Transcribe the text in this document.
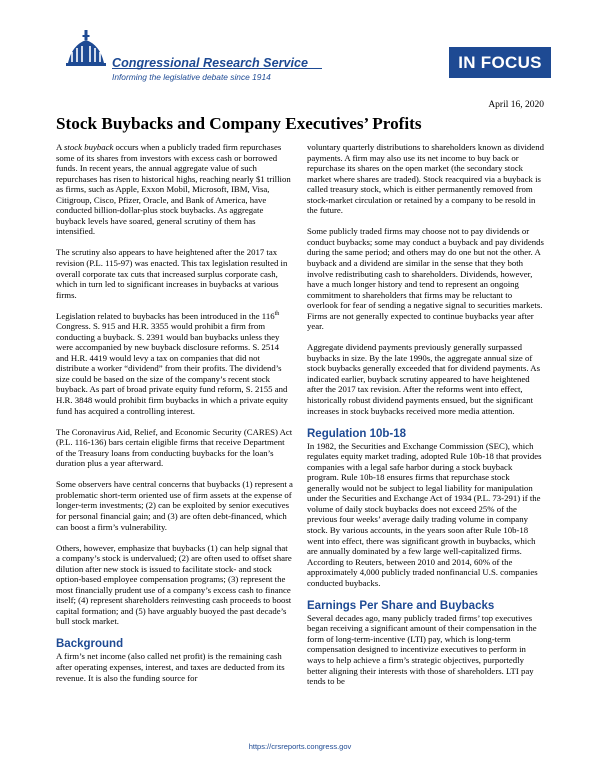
Congressional Research Service
Informing the legislative debate since 1914
IN FOCUS
April 16, 2020
Stock Buybacks and Company Executives’ Profits

A stock buyback occurs when a publicly traded firm repurchases some of its shares from investors with excess cash or borrowed funds. In recent years, the annual aggregate value of such repurchases has risen to historical highs, reaching nearly $1 trillion as firms, such as Apple, Exxon Mobil, Microsoft, IBM, Visa, Citigroup, Cisco, Pfizer, Oracle, and Bank of America, have conducted billion-dollar-plus stock buybacks. As aggregate buyback levels have soared, general scrutiny of them has intensified.

The scrutiny also appears to have heightened after the 2017 tax revision (P.L. 115-97) was enacted. This tax legislation resulted in overall corporate tax cuts that increased surplus corporate cash, which in turn led to significant increases in buybacks at various firms.

Legislation related to buybacks has been introduced in the 116th Congress. S. 915 and H.R. 3355 would prohibit a firm from conducting a buyback. S. 2391 would ban buybacks unless they were accompanied by new buyback disclosure reforms. S. 2514 and H.R. 4419 would levy a tax on companies that did not distribute a worker “dividend” from their profits. The dividend’s size could be based on the size of the company’s recent stock buyback. As part of broad private equity fund reform, S. 2155 and H.R. 3848 would prohibit firm buybacks in which a private equity fund has acquired a controlling interest.

The Coronavirus Aid, Relief, and Economic Security (CARES) Act (P.L. 116-136) bars certain eligible firms that receive Department of the Treasury loans from conducting buybacks for the loan’s duration plus a year afterward.

Some observers have central concerns that buybacks (1) represent a problematic short-term oriented use of firm assets at the expense of longer-term investments; (2) can be exploited by senior executives for personal financial gain; and (3) are often debt-financed, which can boost a firm’s vulnerability.

Others, however, emphasize that buybacks (1) can help signal that a company’s stock is undervalued; (2) are often used to offset share dilution after new stock is issued to facilitate stock- and stock option-based employee compensation programs; (3) represent the most financially prudent use of a company’s excess cash to finance itself; (4) represent shareholders reinvesting cash proceeds to boost capital formation; and (5) have arguably buoyed the past decade’s bull stock market.

Background

A firm’s net income (also called net profit) is the remaining cash after operating expenses, interest, and taxes are deducted from its revenue. It is also the funding source for

voluntary quarterly distributions to shareholders known as dividend payments. A firm may also use its net income to buy back or repurchase its shares on the open market (the secondary stock market where shares are traded). Stock reacquired via a buyback is called treasury stock, which is either permanently removed from stock-market circulation or retained by a company to be resold in the future.

Some publicly traded firms may choose not to pay dividends or conduct buybacks; some may conduct a buyback and pay dividends during the same period; and others may do one but not the other. A buyback and a dividend are similar in the sense that they both involve redistributing cash to shareholders. Dividends, however, have a much longer history and tend to represent an ongoing commitment to shareholders that firms may be reluctant to overlook for fear of sending a negative signal to securities markets. Firms are not generally expected to continue buybacks year after year.

Aggregate dividend payments previously generally surpassed buybacks in size. By the late 1990s, the aggregate annual size of stock buybacks generally exceeded that for dividend payments. As indicated earlier, buyback scrutiny appeared to have heightened after the 2017 tax revision. After the reforms went into effect, historically robust dividend payments ensued, but the significant increases in stock buybacks received more media attention.

Regulation 10b-18

In 1982, the Securities and Exchange Commission (SEC), which regulates equity market trading, adopted Rule 10b-18 that provides companies with a legal safe harbor during a stock buyback program. Rule 10b-18 ensures firms that repurchase stock generally would not be subject to legal liability for manipulation under the Securities and Exchange Act of 1934 (P.L. 73-291) if the volume of daily stock buybacks does not exceed 25% of the previous four weeks’ average daily trading volume in company stock. By various accounts, in the years soon after Rule 10b-18 went into effect, there was significant growth in buybacks, which are annually dominated by a few large well-capitalized firms. According to Reuters, between 2010 and 2014, 60% of the approximately 4,000 publicly traded nonfinancial U.S. companies conducted buybacks.

Earnings Per Share and Buybacks

Several decades ago, many publicly traded firms’ top executives began receiving a significant amount of their compensation in the form of long-term-incentive (LTI) pay, which is long-term compensation designed to incentivize executives to perform in ways to help achieve a firm’s strategic objectives, purportedly better aligning their interests with those of shareholders. LTI pay tends to be

https://crsreports.congress.gov
